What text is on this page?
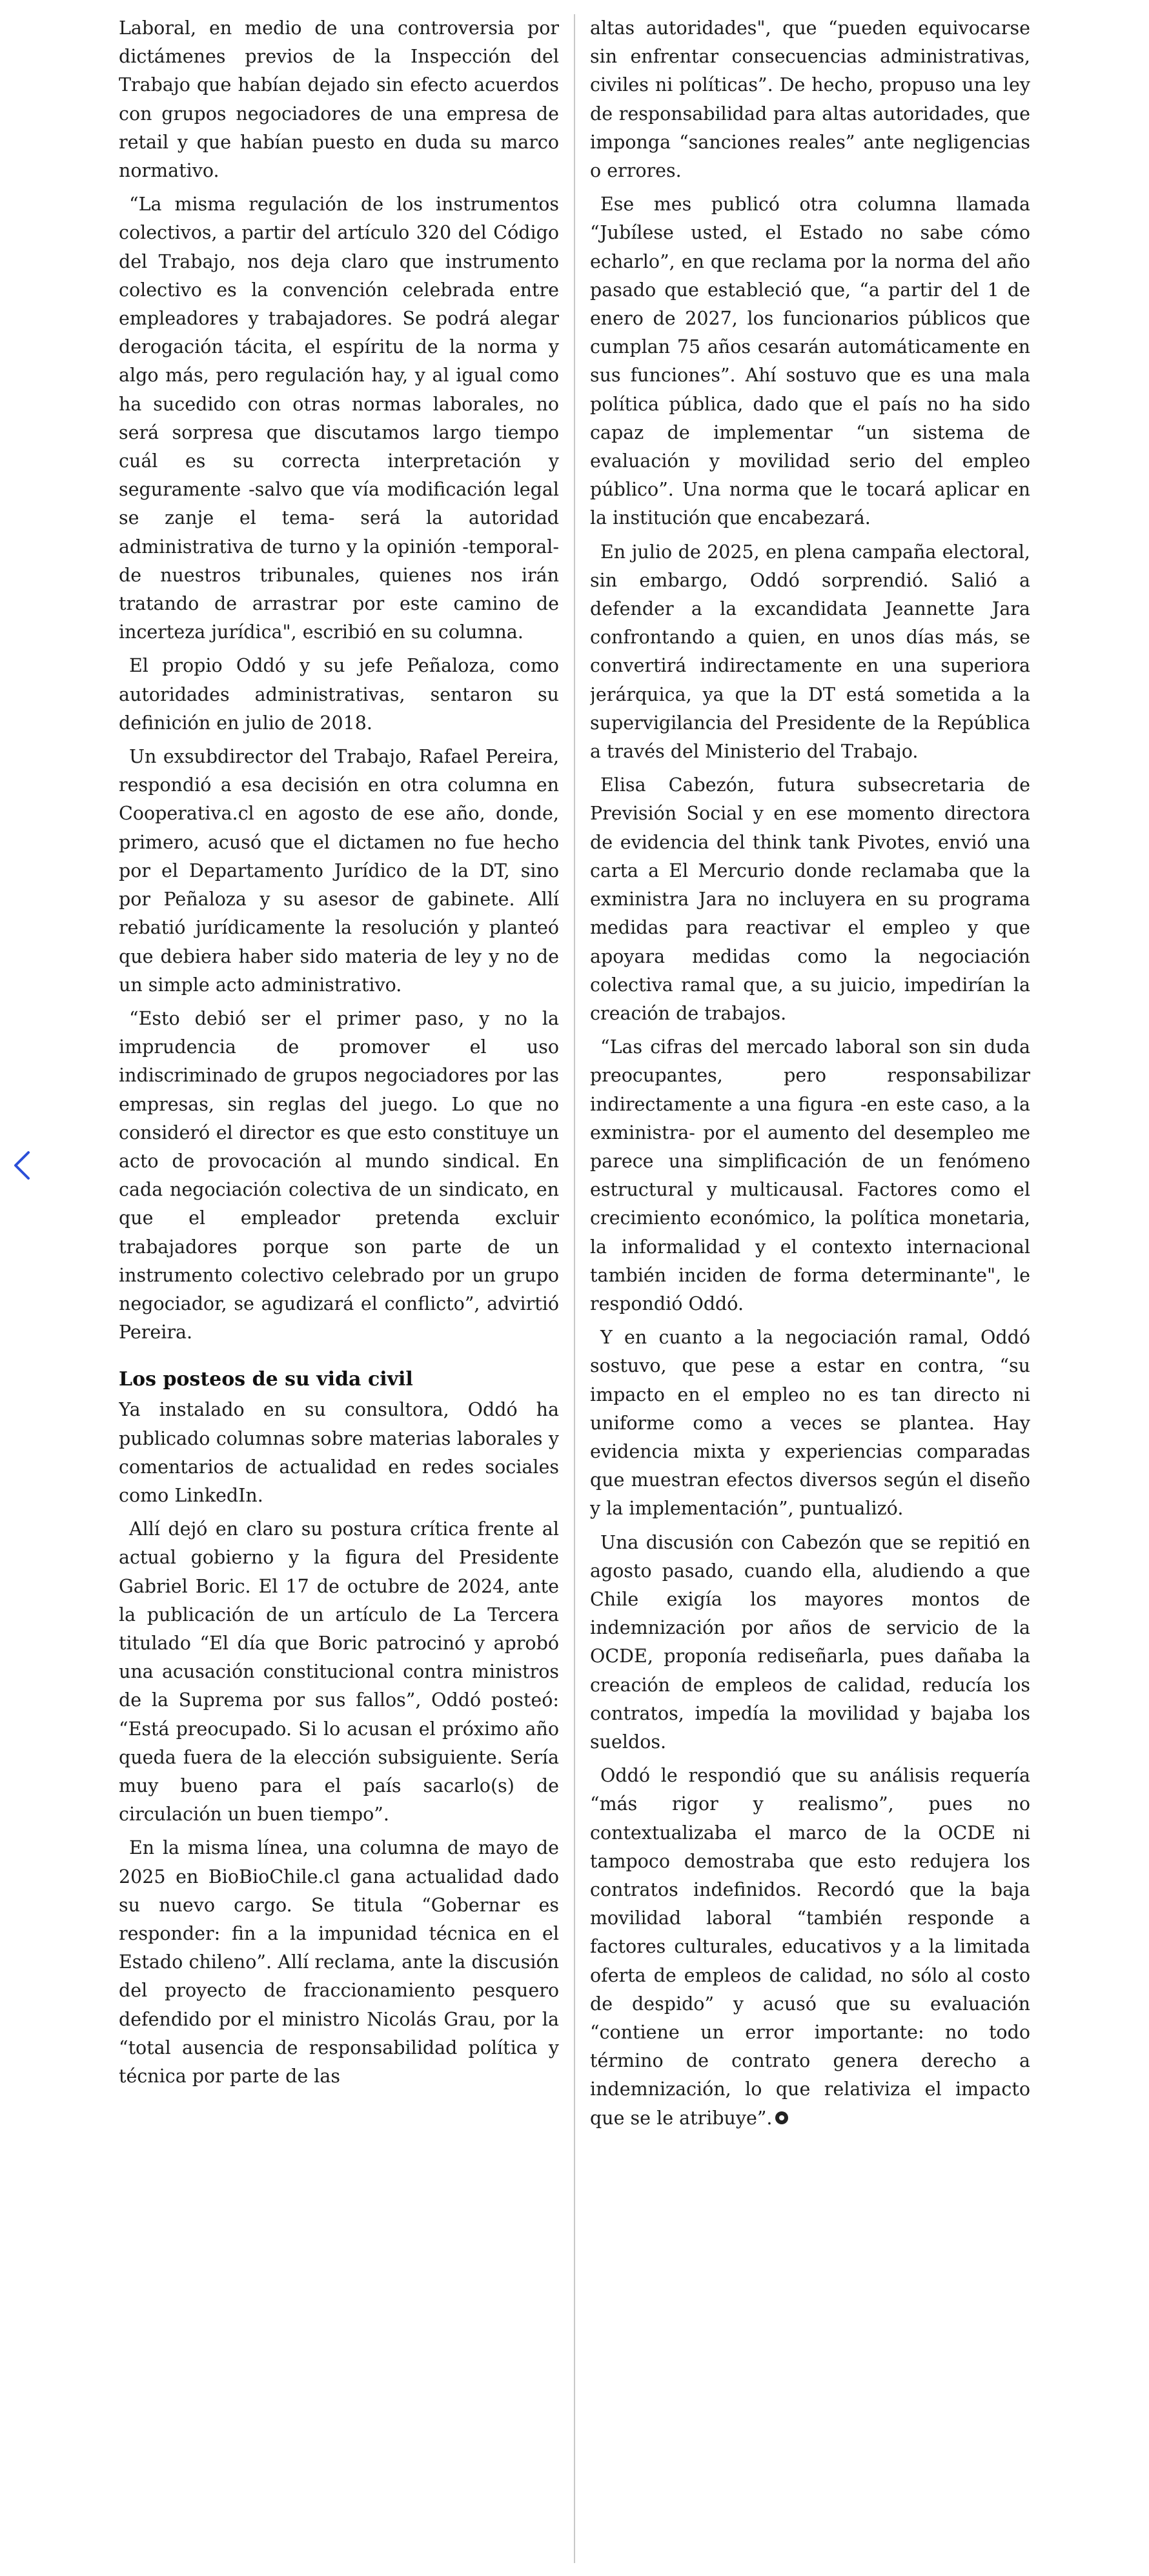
Laboral, en medio de una controversia por dictámenes previos de la Inspección del Trabajo que habían dejado sin efecto acuerdos con grupos negociadores de una empresa de retail y que habían puesto en duda su marco normativo.

“La misma regulación de los instrumentos colectivos, a partir del artículo 320 del Código del Trabajo, nos deja claro que instrumento colectivo es la convención celebrada entre empleadores y trabajadores. Se podrá alegar derogación tácita, el espíritu de la norma y algo más, pero regulación hay, y al igual como ha sucedido con otras normas laborales, no será sorpresa que discutamos largo tiempo cuál es su correcta interpretación y seguramente -salvo que vía modificación legal se zanje el tema- será la autoridad administrativa de turno y la opinión -temporal- de nuestros tribunales, quienes nos irán tratando de arrastrar por este camino de incerteza jurídica", escribió en su columna.

El propio Oddó y su jefe Peñaloza, como autoridades administrativas, sentaron su definición en julio de 2018.

Un exsubdirector del Trabajo, Rafael Pereira, respondió a esa decisión en otra columna en Cooperativa.cl en agosto de ese año, donde, primero, acusó que el dictamen no fue hecho por el Departamento Jurídico de la DT, sino por Peñaloza y su asesor de gabinete. Allí rebatió jurídicamente la resolución y planteó que debiera haber sido materia de ley y no de un simple acto administrativo.

“Esto debió ser el primer paso, y no la imprudencia de promover el uso indiscriminado de grupos negociadores por las empresas, sin reglas del juego. Lo que no consideró el director es que esto constituye un acto de provocación al mundo sindical. En cada negociación colectiva de un sindicato, en que el empleador pretenda excluir trabajadores porque son parte de un instrumento colectivo celebrado por un grupo negociador, se agudizará el conflicto”, advirtió Pereira.

Los posteos de su vida civil

Ya instalado en su consultora, Oddó ha publicado columnas sobre materias laborales y comentarios de actualidad en redes sociales como LinkedIn.

Allí dejó en claro su postura crítica frente al actual gobierno y la figura del Presidente Gabriel Boric. El 17 de octubre de 2024, ante la publicación de un artículo de La Tercera titulado “El día que Boric patrocinó y aprobó una acusación constitucional contra ministros de la Suprema por sus fallos”, Oddó posteó: “Está preocupado. Si lo acusan el próximo año queda fuera de la elección subsiguiente. Sería muy bueno para el país sacarlo(s) de circulación un buen tiempo”.

En la misma línea, una columna de mayo de 2025 en BioBioChile.cl gana actualidad dado su nuevo cargo. Se titula “Gobernar es responder: fin a la impunidad técnica en el Estado chileno”. Allí reclama, ante la discusión del proyecto de fraccionamiento pesquero defendido por el ministro Nicolás Grau, por la “total ausencia de responsabilidad política y técnica por parte de las

altas autoridades", que “pueden equivocarse sin enfrentar consecuencias administrativas, civiles ni políticas”. De hecho, propuso una ley de responsabilidad para altas autoridades, que imponga “sanciones reales” ante negligencias o errores.

Ese mes publicó otra columna llamada “Jubílese usted, el Estado no sabe cómo echarlo”, en que reclama por la norma del año pasado que estableció que, “a partir del 1 de enero de 2027, los funcionarios públicos que cumplan 75 años cesarán automáticamente en sus funciones”. Ahí sostuvo que es una mala política pública, dado que el país no ha sido capaz de implementar “un sistema de evaluación y movilidad serio del empleo público”. Una norma que le tocará aplicar en la institución que encabezará.

En julio de 2025, en plena campaña electoral, sin embargo, Oddó sorprendió. Salió a defender a la excandidata Jeannette Jara confrontando a quien, en unos días más, se convertirá indirectamente en una superiora jerárquica, ya que la DT está sometida a la supervigilancia del Presidente de la República a través del Ministerio del Trabajo.

Elisa Cabezón, futura subsecretaria de Previsión Social y en ese momento directora de evidencia del think tank Pivotes, envió una carta a El Mercurio donde reclamaba que la exministra Jara no incluyera en su programa medidas para reactivar el empleo y que apoyara medidas como la negociación colectiva ramal que, a su juicio, impedirían la creación de trabajos.

“Las cifras del mercado laboral son sin duda preocupantes, pero responsabilizar indirectamente a una figura -en este caso, a la exministra- por el aumento del desempleo me parece una simplificación de un fenómeno estructural y multicausal. Factores como el crecimiento económico, la política monetaria, la informalidad y el contexto internacional también inciden de forma determinante", le respondió Oddó.

Y en cuanto a la negociación ramal, Oddó sostuvo, que pese a estar en contra, “su impacto en el empleo no es tan directo ni uniforme como a veces se plantea. Hay evidencia mixta y experiencias comparadas que muestran efectos diversos según el diseño y la implementación”, puntualizó.

Una discusión con Cabezón que se repitió en agosto pasado, cuando ella, aludiendo a que Chile exigía los mayores montos de indemnización por años de servicio de la OCDE, proponía rediseñarla, pues dañaba la creación de empleos de calidad, reducía los contratos, impedía la movilidad y bajaba los sueldos.

Oddó le respondió que su análisis requería “más rigor y realismo”, pues no contextualizaba el marco de la OCDE ni tampoco demostraba que esto redujera los contratos indefinidos. Recordó que la baja movilidad laboral “también responde a factores culturales, educativos y a la limitada oferta de empleos de calidad, no sólo al costo de despido” y acusó que su evaluación “contiene un error importante: no todo término de contrato genera derecho a indemnización, lo que relativiza el impacto que se le atribuye”.
